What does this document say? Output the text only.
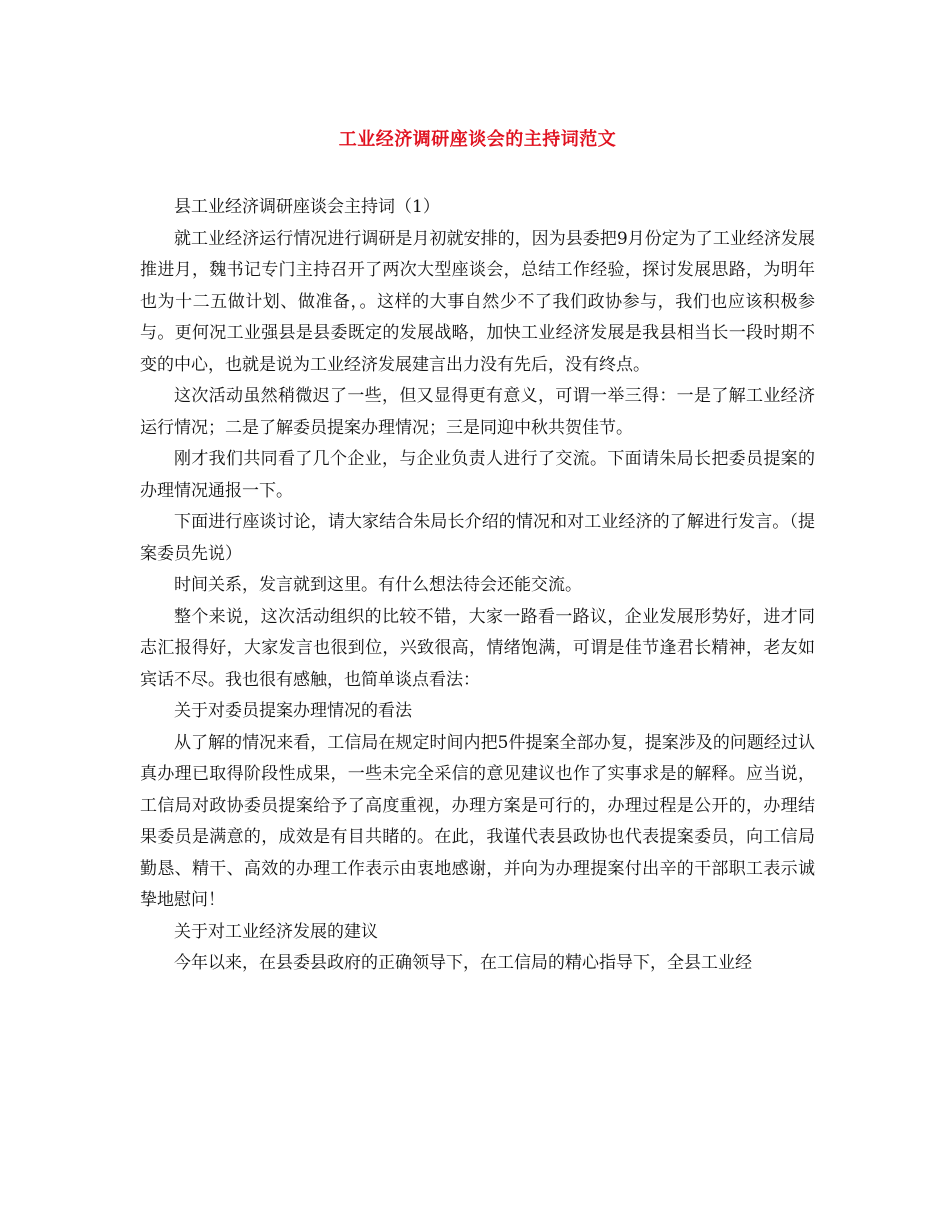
工业经济调研座谈会的主持词范文

县工业经济调研座谈会主持词（1）

就工业经济运行情况进行调研是月初就安排的，因为县委把9月份定为了工业经济发展推进月，魏书记专门主持召开了两次大型座谈会，总结工作经验，探讨发展思路，为明年也为十二五做计划、做准备，。这样的大事自然少不了我们政协参与，我们也应该积极参与。更何况工业强县是县委既定的发展战略，加快工业经济发展是我县相当长一段时期不变的中心，也就是说为工业经济发展建言出力没有先后，没有终点。

这次活动虽然稍微迟了一些，但又显得更有意义，可谓一举三得：一是了解工业经济运行情况；二是了解委员提案办理情况；三是同迎中秋共贺佳节。

刚才我们共同看了几个企业，与企业负责人进行了交流。下面请朱局长把委员提案的办理情况通报一下。

下面进行座谈讨论，请大家结合朱局长介绍的情况和对工业经济的了解进行发言。（提案委员先说）

时间关系，发言就到这里。有什么想法待会还能交流。

整个来说，这次活动组织的比较不错，大家一路看一路议，企业发展形势好，进才同志汇报得好，大家发言也很到位，兴致很高，情绪饱满，可谓是佳节逢君长精神，老友如宾话不尽。我也很有感触，也简单谈点看法：

关于对委员提案办理情况的看法

从了解的情况来看，工信局在规定时间内把5件提案全部办复，提案涉及的问题经过认真办理已取得阶段性成果，一些未完全采信的意见建议也作了实事求是的解释。应当说，工信局对政协委员提案给予了高度重视，办理方案是可行的，办理过程是公开的，办理结果委员是满意的，成效是有目共睹的。在此，我谨代表县政协也代表提案委员，向工信局勤恳、精干、高效的办理工作表示由衷地感谢，并向为办理提案付出辛的干部职工表示诚挚地慰问！

关于对工业经济发展的建议

今年以来，在县委县政府的正确领导下，在工信局的精心指导下，全县工业经
